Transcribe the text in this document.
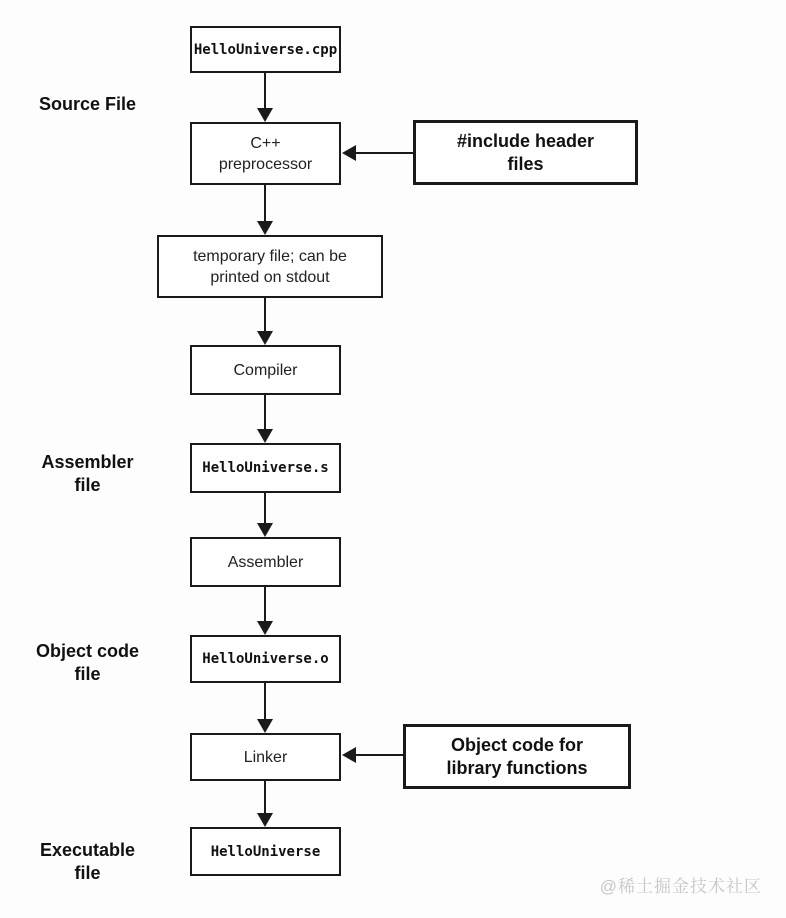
Source File
Assembler
file
Object code
file
Executable
file
HelloUniverse.cpp
C++
preprocessor
#include header
files
temporary file; can be
printed on stdout
Compiler
HelloUniverse.s
Assembler
HelloUniverse.o
Linker
Object code for
library functions
HelloUniverse
@稀土掘金技术社区
